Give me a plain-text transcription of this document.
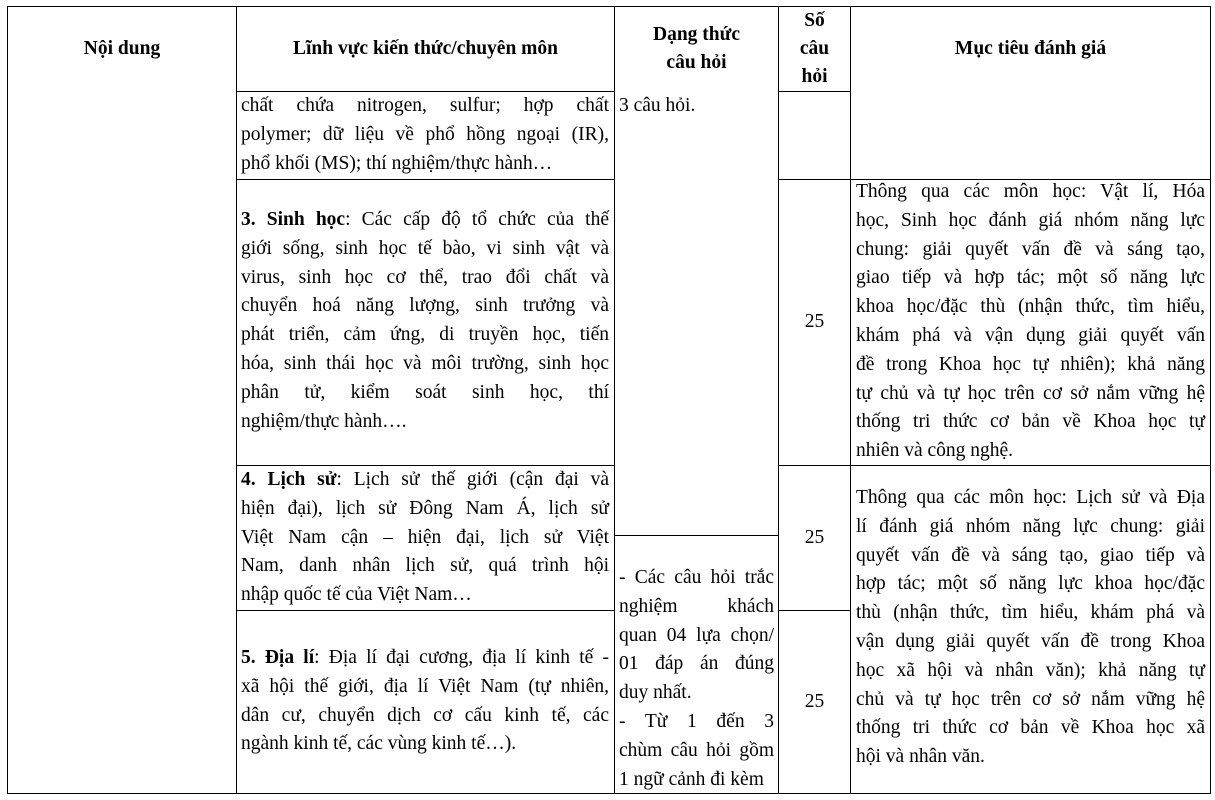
Nội dung	Lĩnh vực kiến thức/chuyên môn
Dạng thức
câu hỏi
Số
câu
hỏi
Mục tiêu đánh giá
chất chứa nitrogen, sulfur; hợp chất
polymer; dữ liệu về phổ hồng ngoại (IR),
phổ khối (MS); thí nghiệm/thực hành…
3. Sinh học: Các cấp độ tổ chức của thế
giới sống, sinh học tế bào, vi sinh vật và
virus, sinh học cơ thể, trao đổi chất và
chuyển hoá năng lượng, sinh trưởng và
phát triển, cảm ứng, di truyền học, tiến
hóa, sinh thái học và môi trường, sinh học
phân tử, kiểm soát sinh học, thí
nghiệm/thực hành….
4. Lịch sử: Lịch sử thế giới (cận đại và
hiện đại), lịch sử Đông Nam Á, lịch sử
Việt Nam cận – hiện đại, lịch sử Việt
Nam, danh nhân lịch sử, quá trình hội
nhập quốc tế của Việt Nam…
5. Địa lí: Địa lí đại cương, địa lí kinh tế -
xã hội thế giới, địa lí Việt Nam (tự nhiên,
dân cư, chuyển dịch cơ cấu kinh tế, các
ngành kinh tế, các vùng kinh tế…).
3 câu hỏi.
- Các câu hỏi trắc
nghiệm khách
quan 04 lựa chọn/
01 đáp án đúng
duy nhất.
- Từ 1 đến 3
chùm câu hỏi gồm
1 ngữ cảnh đi kèm
25
25
25
Thông qua các môn học: Vật lí, Hóa
học, Sinh học đánh giá nhóm năng lực
chung: giải quyết vấn đề và sáng tạo,
giao tiếp và hợp tác; một số năng lực
khoa học/đặc thù (nhận thức, tìm hiểu,
khám phá và vận dụng giải quyết vấn
đề trong Khoa học tự nhiên); khả năng
tự chủ và tự học trên cơ sở nắm vững hệ
thống tri thức cơ bản về Khoa học tự
nhiên và công nghệ.
Thông qua các môn học: Lịch sử và Địa
lí đánh giá nhóm năng lực chung: giải
quyết vấn đề và sáng tạo, giao tiếp và
hợp tác; một số năng lực khoa học/đặc
thù (nhận thức, tìm hiểu, khám phá và
vận dụng giải quyết vấn đề trong Khoa
học xã hội và nhân văn); khả năng tự
chủ và tự học trên cơ sở nắm vững hệ
thống tri thức cơ bản về Khoa học xã
hội và nhân văn.
